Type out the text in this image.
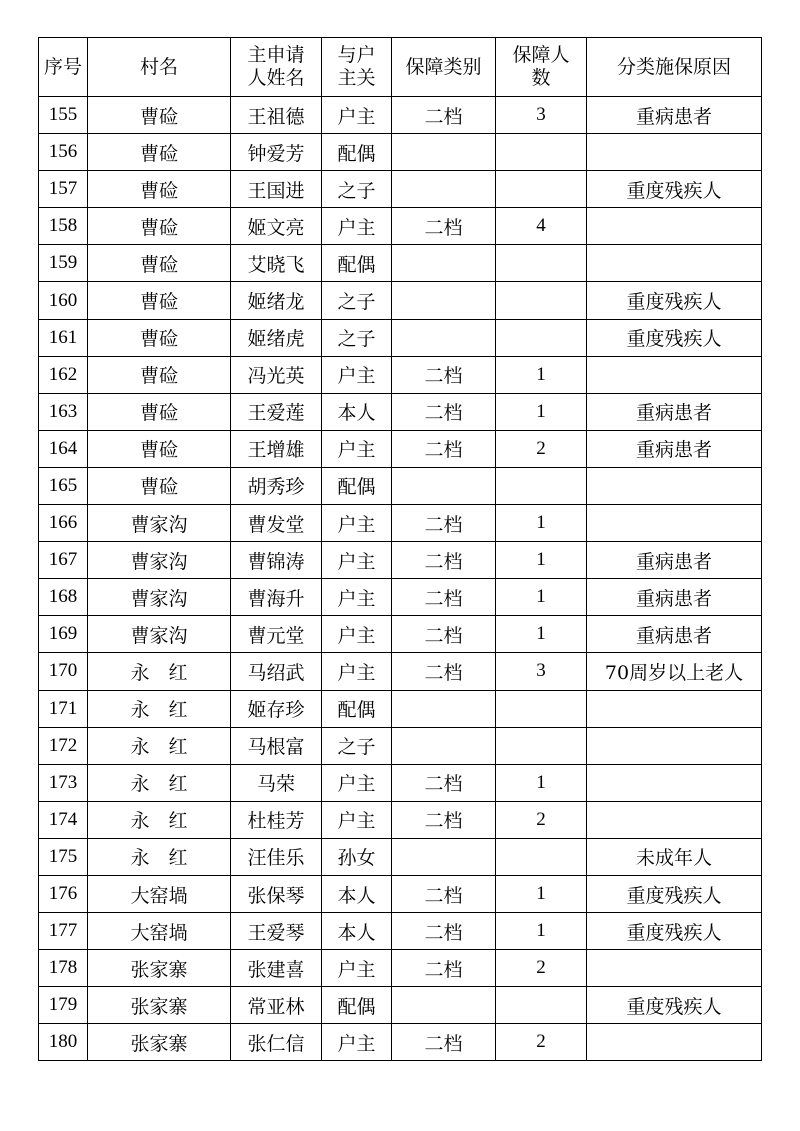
序号	村名	主申请人姓名	与户主关	保障类别	保障人数	分类施保原因
155	曹硷	王祖德	户主	二档	3	重病患者
156	曹硷	钟爱芳	配偶			
157	曹硷	王国进	之子			重度残疾人
158	曹硷	姬文亮	户主	二档	4	
159	曹硷	艾晓飞	配偶			
160	曹硷	姬绪龙	之子			重度残疾人
161	曹硷	姬绪虎	之子			重度残疾人
162	曹硷	冯光英	户主	二档	1	
163	曹硷	王爱莲	本人	二档	1	重病患者
164	曹硷	王增雄	户主	二档	2	重病患者
165	曹硷	胡秀珍	配偶			
166	曹家沟	曹发堂	户主	二档	1	
167	曹家沟	曹锦涛	户主	二档	1	重病患者
168	曹家沟	曹海升	户主	二档	1	重病患者
169	曹家沟	曹元堂	户主	二档	1	重病患者
170	永　红	马绍武	户主	二档	3	70周岁以上老人
171	永　红	姬存珍	配偶			
172	永　红	马根富	之子			
173	永　红	马荣	户主	二档	1	
174	永　红	杜桂芳	户主	二档	2	
175	永　红	汪佳乐	孙女			未成年人
176	大窑堝	张保琴	本人	二档	1	重度残疾人
177	大窑堝	王爱琴	本人	二档	1	重度残疾人
178	张家寨	张建喜	户主	二档	2	
179	张家寨	常亚林	配偶			重度残疾人
180	张家寨	张仁信	户主	二档	2	
